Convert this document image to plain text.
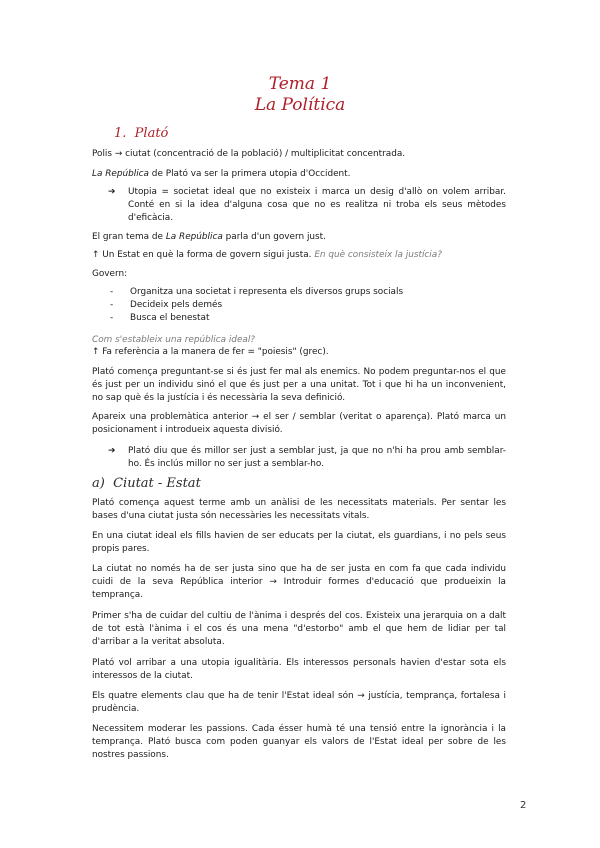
Tema 1
La Política
1. Plató

Polis → ciutat (concentració de la població) / multiplicitat concentrada.

La República de Plató va ser la primera utopia d'Occident.

➔ Utopia = societat ideal que no existeix i marca un desig d'allò on volem arribar. Conté en si la idea d'alguna cosa que no es realitza ni troba els seus mètodes d'eficàcia.

El gran tema de La República parla d'un govern just.

↑ Un Estat en què la forma de govern sigui justa. En què consisteix la justícia?

Govern:

- Organitza una societat i representa els diversos grups socials
- Decideix pels demés
- Busca el benestat

Com s'estableix una república ideal?

↑ Fa referència a la manera de fer = "poiesis" (grec).

Plató comença preguntant-se si és just fer mal als enemics. No podem preguntar-nos el que és just per un individu sinó el que és just per a una unitat. Tot i que hi ha un inconvenient, no sap què és la justícia i és necessària la seva definició.

Apareix una problemàtica anterior → el ser / semblar (veritat o aparença). Plató marca un posicionament i introdueix aquesta divisió.

➔ Plató diu que és millor ser just a semblar just, ja que no n'hi ha prou amb semblar-ho. És inclús millor no ser just a semblar-ho.
a) Ciutat - Estat

Plató comença aquest terme amb un anàlisi de les necessitats materials. Per sentar les bases d'una ciutat justa són necessàries les necessitats vitals.

En una ciutat ideal els fills havien de ser educats per la ciutat, els guardians, i no pels seus propis pares.

La ciutat no només ha de ser justa sino que ha de ser justa en com fa que cada individu cuidi de la seva República interior → Introduir formes d'educació que produeixin la temprança.

Primer s'ha de cuidar del cultiu de l'ànima i després del cos. Existeix una jerarquia on a dalt de tot està l'ànima i el cos és una mena "d'estorbo" amb el que hem de lidiar per tal d'arribar a la veritat absoluta.

Plató vol arribar a una utopia igualitària. Els interessos personals havien d'estar sota els interessos de la ciutat.

Els quatre elements clau que ha de tenir l'Estat ideal són → justícia, temprança, fortalesa i prudència.

Necessitem moderar les passions. Cada ésser humà té una tensió entre la ignorància i la temprança. Plató busca com poden guanyar els valors de l'Estat ideal per sobre de les nostres passions.

2
